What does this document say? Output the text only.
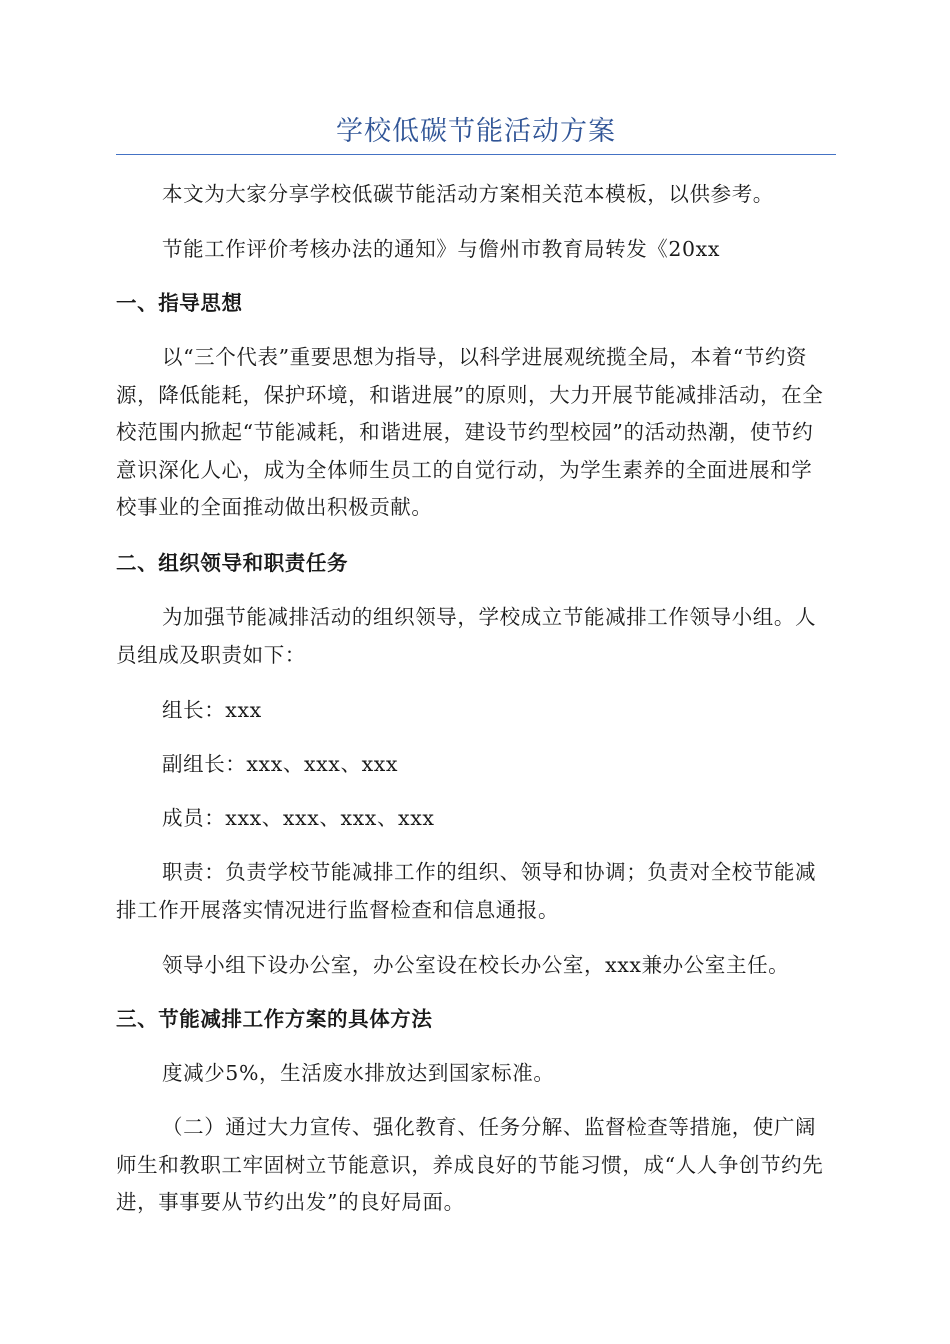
学校低碳节能活动方案

本文为大家分享学校低碳节能活动方案相关范本模板，以供参考。

节能工作评价考核办法的通知》与儋州市教育局转发《20xx

一、指导思想

以“三个代表”重要思想为指导，以科学进展观统揽全局，本着“节约资源，降低能耗，保护环境，和谐进展”的原则，大力开展节能减排活动，在全校范围内掀起“节能减耗，和谐进展，建设节约型校园”的活动热潮，使节约意识深化人心，成为全体师生员工的自觉行动，为学生素养的全面进展和学校事业的全面推动做出积极贡献。

二、组织领导和职责任务

为加强节能减排活动的组织领导，学校成立节能减排工作领导小组。人员组成及职责如下：

组长：xxx

副组长：xxx、xxx、xxx

成员：xxx、xxx、xxx、xxx

职责：负责学校节能减排工作的组织、领导和协调；负责对全校节能减排工作开展落实情况进行监督检查和信息通报。

领导小组下设办公室，办公室设在校长办公室，xxx兼办公室主任。

三、节能减排工作方案的具体方法

度减少5%，生活废水排放达到国家标准。

（二）通过大力宣传、强化教育、任务分解、监督检查等措施，使广阔师生和教职工牢固树立节能意识，养成良好的节能习惯，成“人人争创节约先进，事事要从节约出发”的良好局面。
